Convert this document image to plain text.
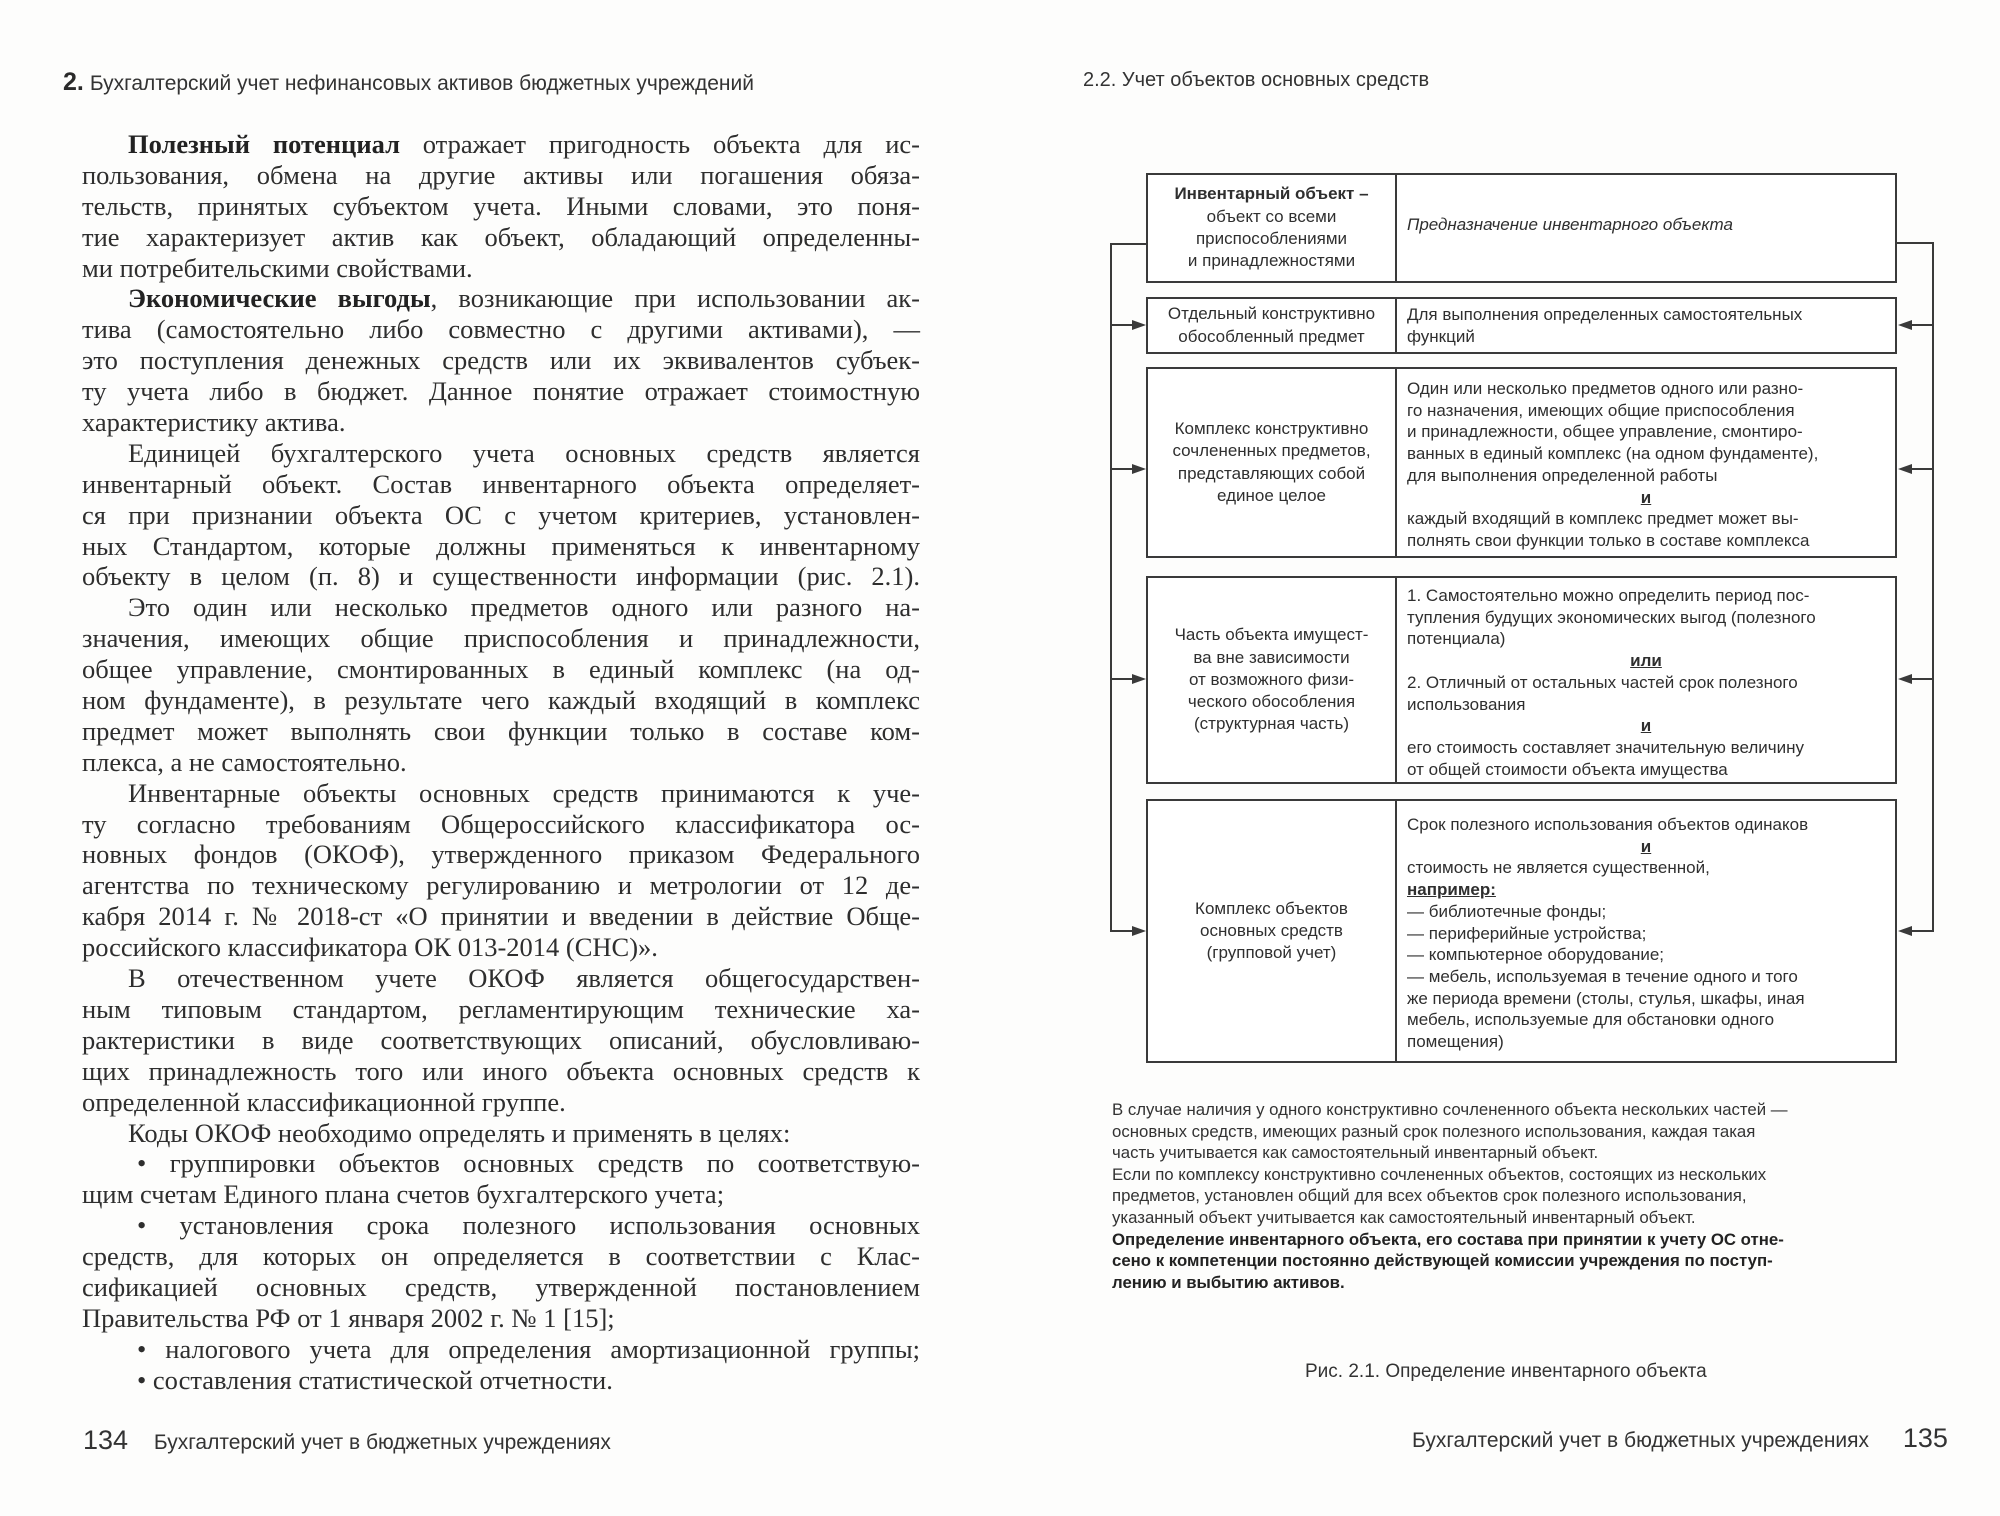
2. Бухгалтерский учет нефинансовых активов бюджетных учреждений
Полезный потенциал отражает пригодность объекта для ис-
пользования, обмена на другие активы или погашения обяза-
тельств, принятых субъектом учета. Иными словами, это поня-
тие характеризует актив как объект, обладающий определенны-
ми потребительскими свойствами.
Экономические выгоды, возникающие при использовании ак-
тива (самостоятельно либо совместно с другими активами), —
это поступления денежных средств или их эквивалентов субъек-
ту учета либо в бюджет. Данное понятие отражает стоимостную
характеристику актива.
Единицей бухгалтерского учета основных средств является
инвентарный объект. Состав инвентарного объекта определяет-
ся при признании объекта ОС с учетом критериев, установлен-
ных Стандартом, которые должны применяться к инвентарному
объекту в целом (п. 8) и существенности информации (рис. 2.1).
Это один или несколько предметов одного или разного на-
значения, имеющих общие приспособления и принадлежности,
общее управление, смонтированных в единый комплекс (на од-
ном фундаменте), в результате чего каждый входящий в комплекс
предмет может выполнять свои функции только в составе ком-
плекса, а не самостоятельно.
Инвентарные объекты основных средств принимаются к уче-
ту согласно требованиям Общероссийского классификатора ос-
новных фондов (ОКОФ), утвержденного приказом Федерального
агентства по техническому регулированию и метрологии от 12 де-
кабря 2014 г. № 2018-ст «О принятии и введении в действие Обще-
российского классификатора ОК 013-2014 (СНС)».
В отечественном учете ОКОФ является общегосударствен-
ным типовым стандартом, регламентирующим технические ха-
рактеристики в виде соответствующих описаний, обусловливаю-
щих принадлежность того или иного объекта основных средств к
определенной классификационной группе.
Коды ОКОФ необходимо определять и применять в целях:
• группировки объектов основных средств по соответствую-
щим счетам Единого плана счетов бухгалтерского учета;
• установления срока полезного использования основных
средств, для которых он определяется в соответствии с Клас-
сификацией основных средств, утвержденной постановлением
Правительства РФ от 1 января 2002 г. № 1 [15];
• налогового учета для определения амортизационной группы;
• составления статистической отчетности.
134 Бухгалтерский учет в бюджетных учреждениях
2.2. Учет объектов основных средств
Инвентарный объект –
объект со всеми
приспособлениями
и принадлежностями
Предназначение инвентарного объекта
Отдельный конструктивно
обособленный предмет
Для выполнения определенных самостоятельных
функций
Комплекс конструктивно
сочлененных предметов,
представляющих собой
единое целое
Один или несколько предметов одного или разно-
го назначения, имеющих общие приспособления
и принадлежности, общее управление, смонтиро-
ванных в единый комплекс (на одном фундаменте),
для выполнения определенной работы
и
каждый входящий в комплекс предмет может вы-
полнять свои функции только в составе комплекса
Часть объекта имущест-
ва вне зависимости
от возможного физи-
ческого обособления
(структурная часть)
1. Самостоятельно можно определить период пос-
тупления будущих экономических выгод (полезного
потенциала)
или
2. Отличный от остальных частей срок полезного
использования
и
его стоимость составляет значительную величину
от общей стоимости объекта имущества
Комплекс объектов
основных средств
(групповой учет)
Срок полезного использования объектов одинаков
и
стоимость не является существенной,
например:
— библиотечные фонды;
— периферийные устройства;
— компьютерное оборудование;
— мебель, используемая в течение одного и того
же периода времени (столы, стулья, шкафы, иная
мебель, используемые для обстановки одного
помещения)
В случае наличия у одного конструктивно сочлененного объекта нескольких частей —
основных средств, имеющих разный срок полезного использования, каждая такая
часть учитывается как самостоятельный инвентарный объект.
Если по комплексу конструктивно сочлененных объектов, состоящих из нескольких
предметов, установлен общий для всех объектов срок полезного использования,
указанный объект учитывается как самостоятельный инвентарный объект.
Определение инвентарного объекта, его состава при принятии к учету ОС отне-
сено к компетенции постоянно действующей комиссии учреждения по поступ-
лению и выбытию активов.
Рис. 2.1. Определение инвентарного объекта
Бухгалтерский учет в бюджетных учреждениях 135
